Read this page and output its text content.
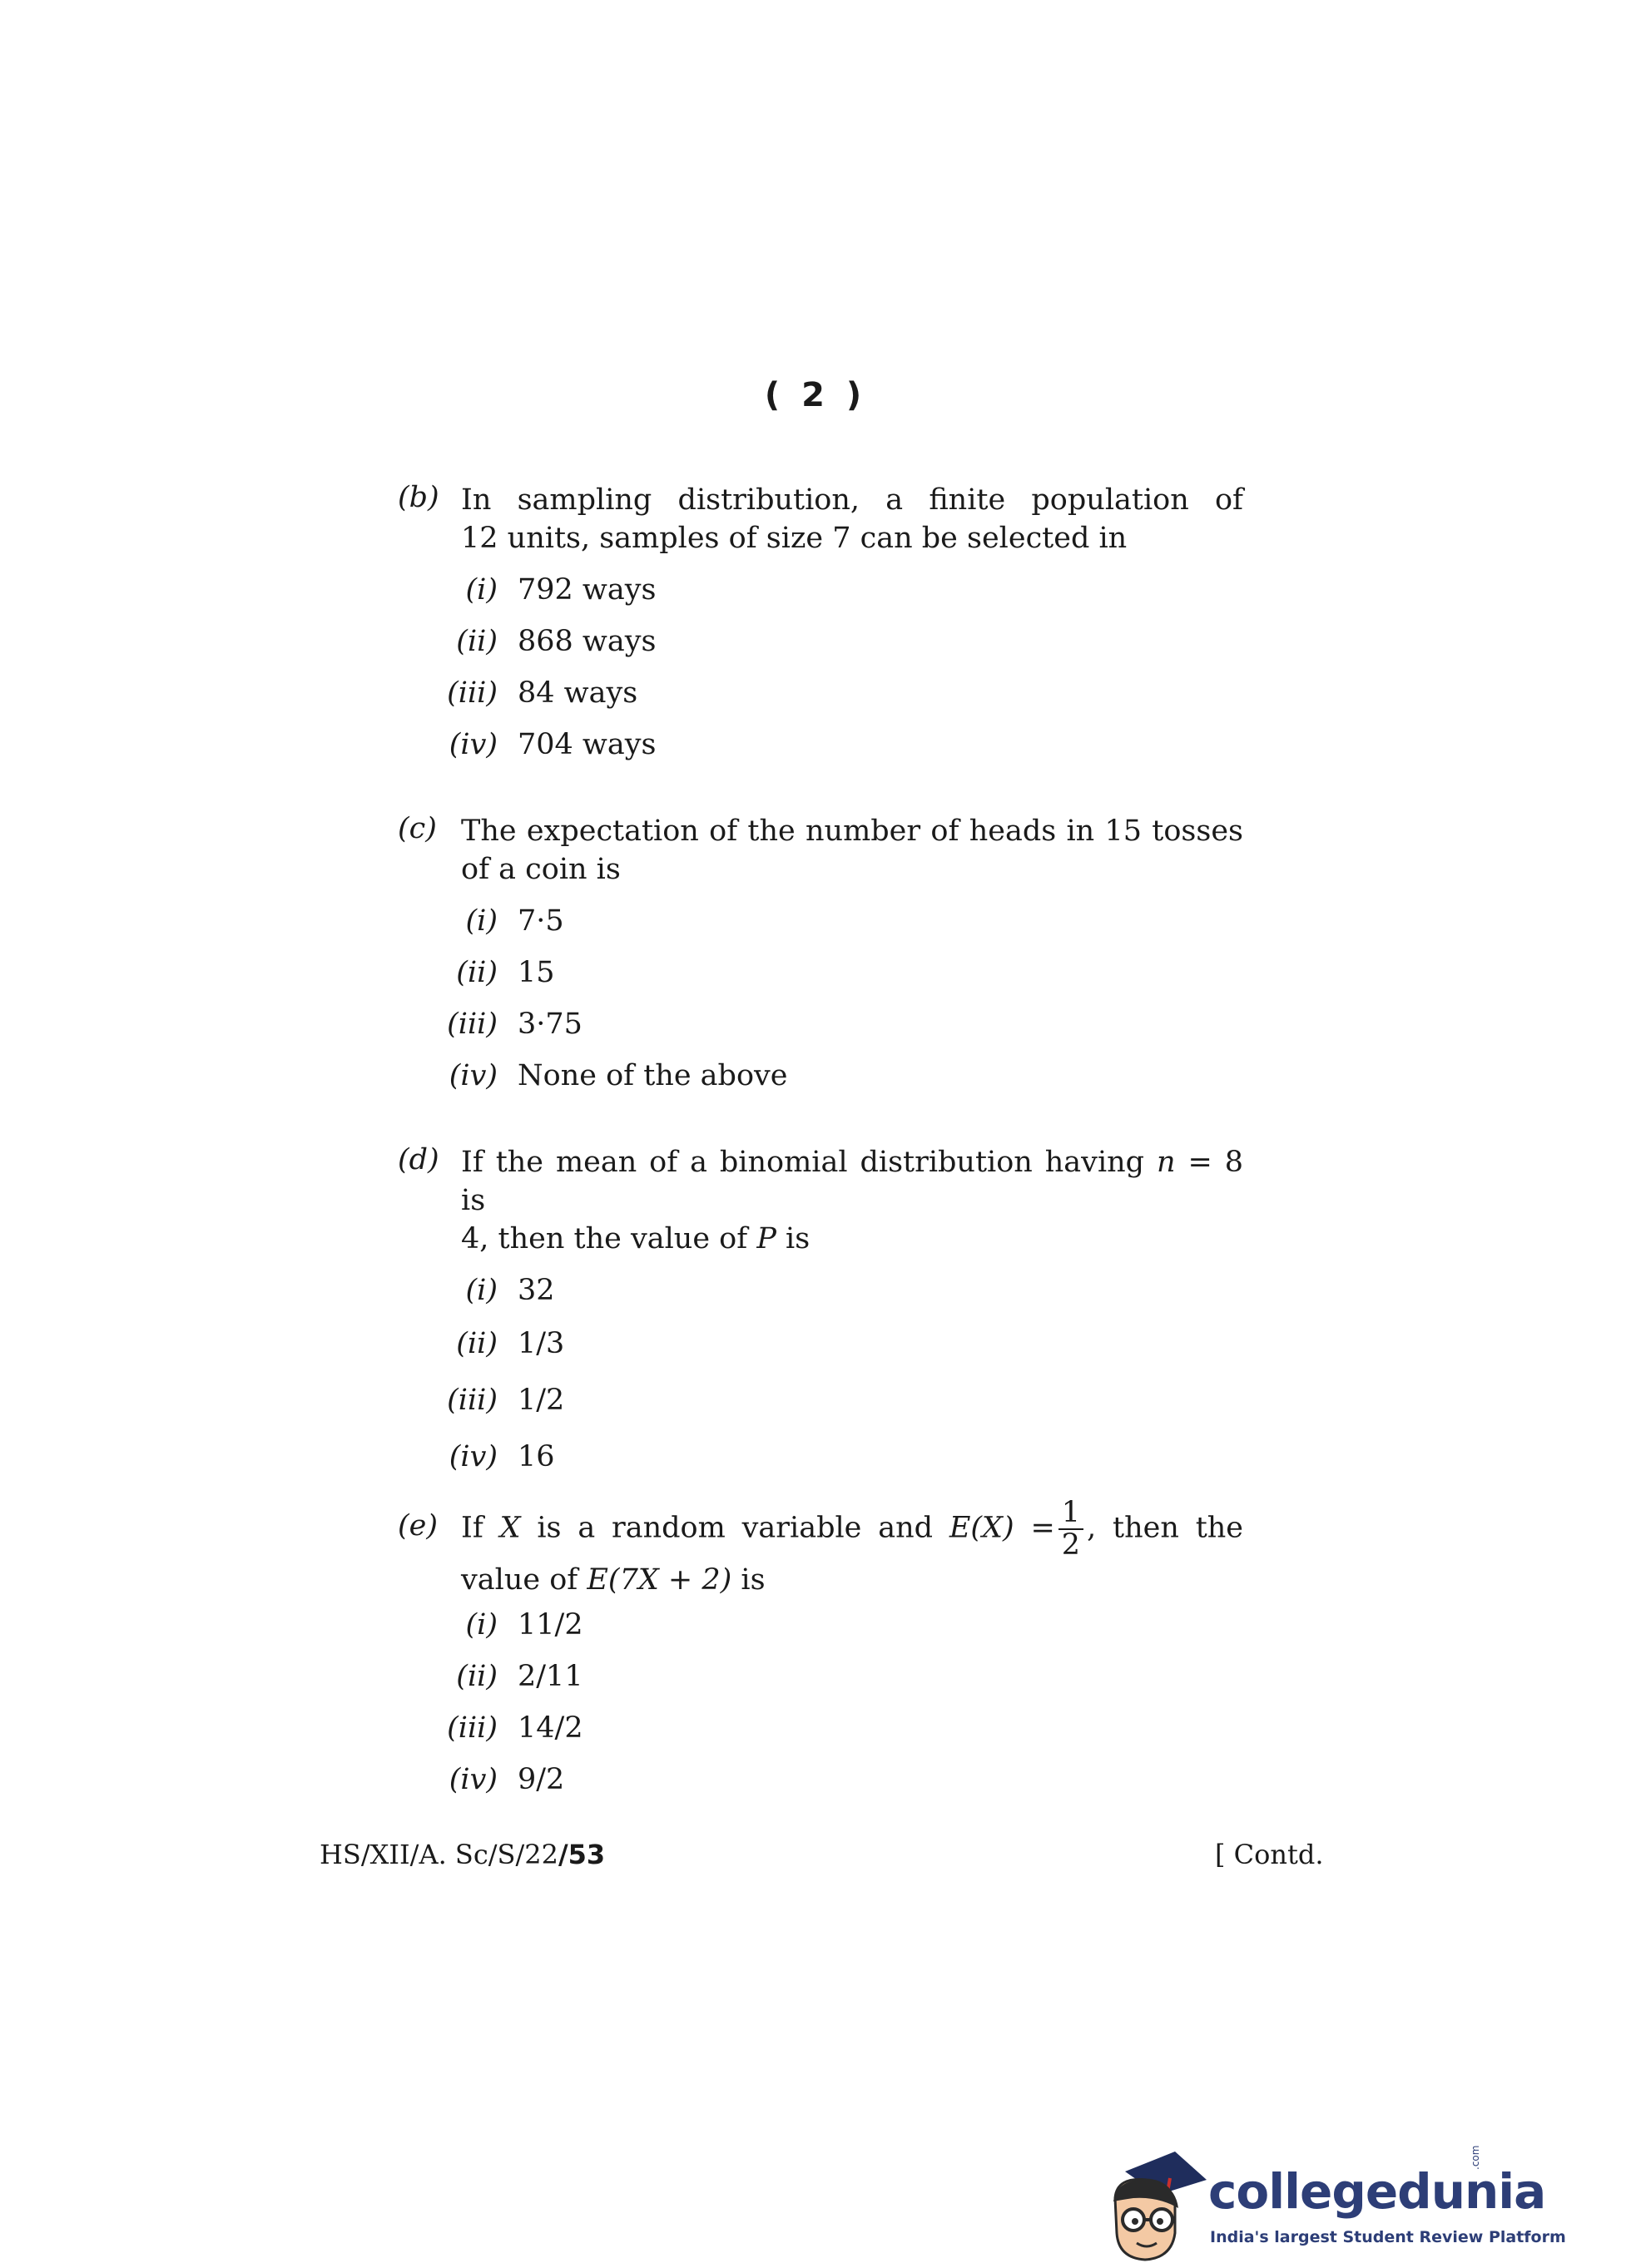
( 2 )
(b) In sampling distribution, a finite population of
12 units, samples of size 7 can be selected in
(i) 792 ways
(ii) 868 ways
(iii) 84 ways
(iv) 704 ways
(c) The expectation of the number of heads in 15 tosses
of a coin is
(i) 7·5
(ii) 15
(iii) 3·75
(iv) None of the above
(d) If the mean of a binomial distribution having n = 8 is
4, then the value of P is
(i) 32
(ii) 1/3
(iii) 1/2
(iv) 16
(e) If X is a random variable and $E(X) = \frac{1}{2}$ , then the
value of E(7X + 2) is
(i) 11/2
(ii) 2/11
(iii) 14/2
(iv) 9/2
HS/XII/A. Sc/S/22/53	[ Contd.
collegedunia
.com
India's largest Student Review Platform
